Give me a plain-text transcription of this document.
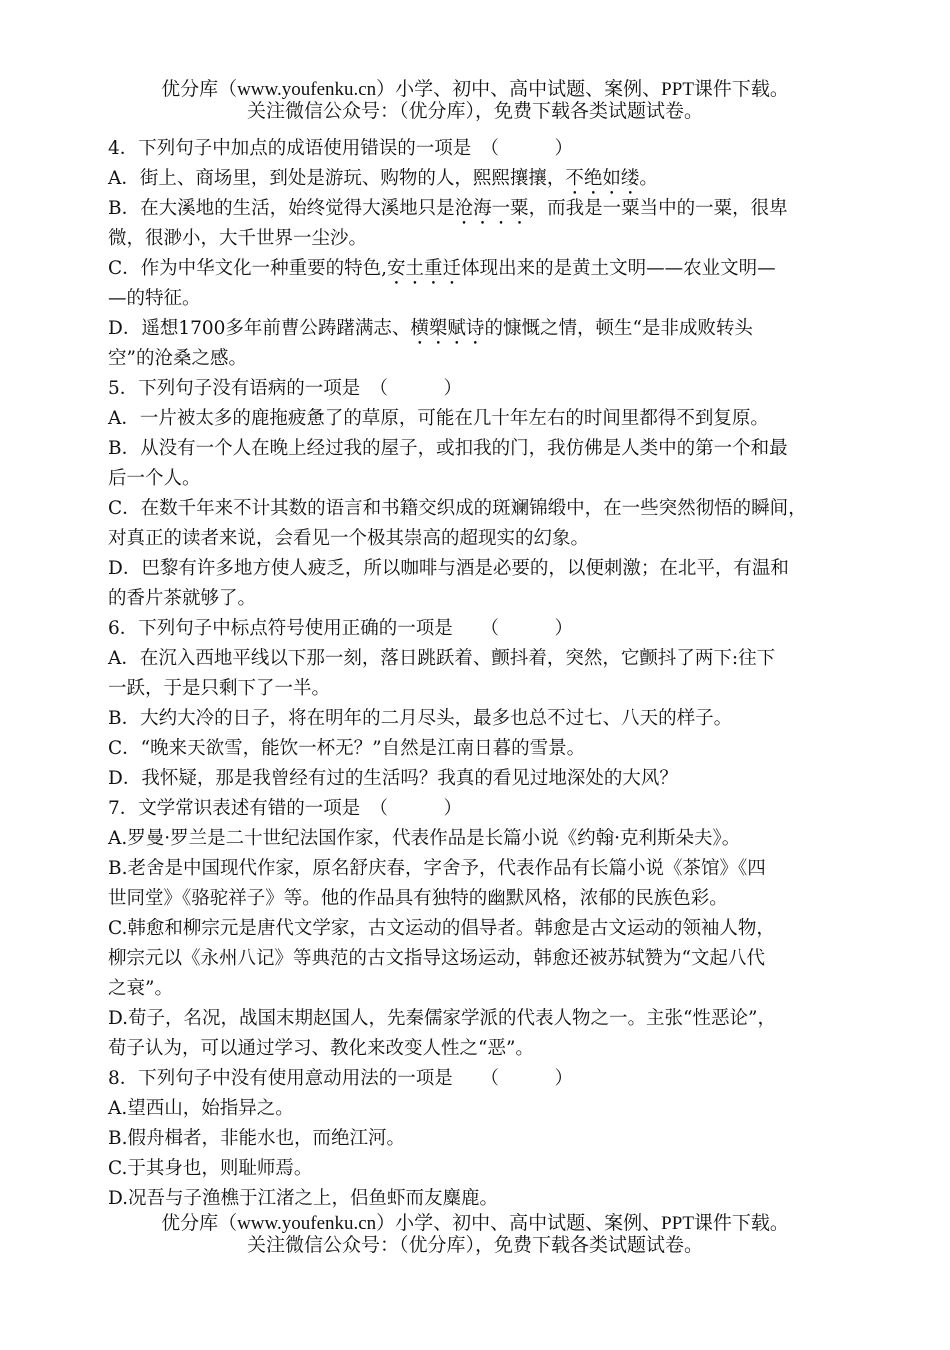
优分库（www.youfenku.cn）小学、初中、高中试题、案例、PPT课件下载。
关注微信公众号：（优分库），免费下载各类试题试卷。
4．下列句子中加点的成语使用错误的一项是　（　　　）
A．街上、商场里，到处是游玩、购物的人，熙熙攘攘，不绝如缕。
B．在大溪地的生活，始终觉得大溪地只是沧海一粟，而我是一粟当中的一粟，很卑
微，很渺小，大千世界一尘沙。
C．作为中华文化一种重要的特色,安土重迁体现出来的是黄土文明——农业文明—
—的特征。
D．遥想1700多年前曹公踌躇满志、横槊赋诗的慷慨之情，顿生“是非成败转头
空”的沧桑之感。
5．下列句子没有语病的一项是　（　　　）
A．一片被太多的鹿拖疲惫了的草原，可能在几十年左右的时间里都得不到复原。
B．从没有一个人在晚上经过我的屋子，或扣我的门，我仿佛是人类中的第一个和最
后一个人。
C．在数千年来不计其数的语言和书籍交织成的斑斓锦缎中，在一些突然彻悟的瞬间，
对真正的读者来说，会看见一个极其崇高的超现实的幻象。
D．巴黎有许多地方使人疲乏，所以咖啡与酒是必要的，以便刺激；在北平，有温和
的香片茶就够了。
6．下列句子中标点符号使用正确的一项是　　（　　　）
A．在沉入西地平线以下那一刻，落日跳跃着、颤抖着，突然，它颤抖了两下:往下
一跃，于是只剩下了一半。
B．大约大冷的日子，将在明年的二月尽头，最多也总不过七、八天的样子。
C．“晚来天欲雪，能饮一杯无？”自然是江南日暮的雪景。
D．我怀疑，那是我曾经有过的生活吗？我真的看见过地深处的大风？
7．文学常识表述有错的一项是　（　　　）
A.罗曼·罗兰是二十世纪法国作家，代表作品是长篇小说《约翰·克利斯朵夫》。
B.老舍是中国现代作家，原名舒庆春，字舍予，代表作品有长篇小说《茶馆》《四
世同堂》《骆驼祥子》等。他的作品具有独特的幽默风格，浓郁的民族色彩。
C.韩愈和柳宗元是唐代文学家，古文运动的倡导者。韩愈是古文运动的领袖人物，
柳宗元以《永州八记》等典范的古文指导这场运动，韩愈还被苏轼赞为“文起八代
之衰”。
D.荀子，名况，战国末期赵国人，先秦儒家学派的代表人物之一。主张“性恶论”，
荀子认为，可以通过学习、教化来改变人性之“恶”。
8．下列句子中没有使用意动用法的一项是　　（　　　）
A.望西山，始指异之。
B.假舟楫者，非能水也，而绝江河。
C.于其身也，则耻师焉。
D.况吾与子渔樵于江渚之上，侣鱼虾而友麋鹿。
优分库（www.youfenku.cn）小学、初中、高中试题、案例、PPT课件下载。
关注微信公众号：（优分库），免费下载各类试题试卷。
